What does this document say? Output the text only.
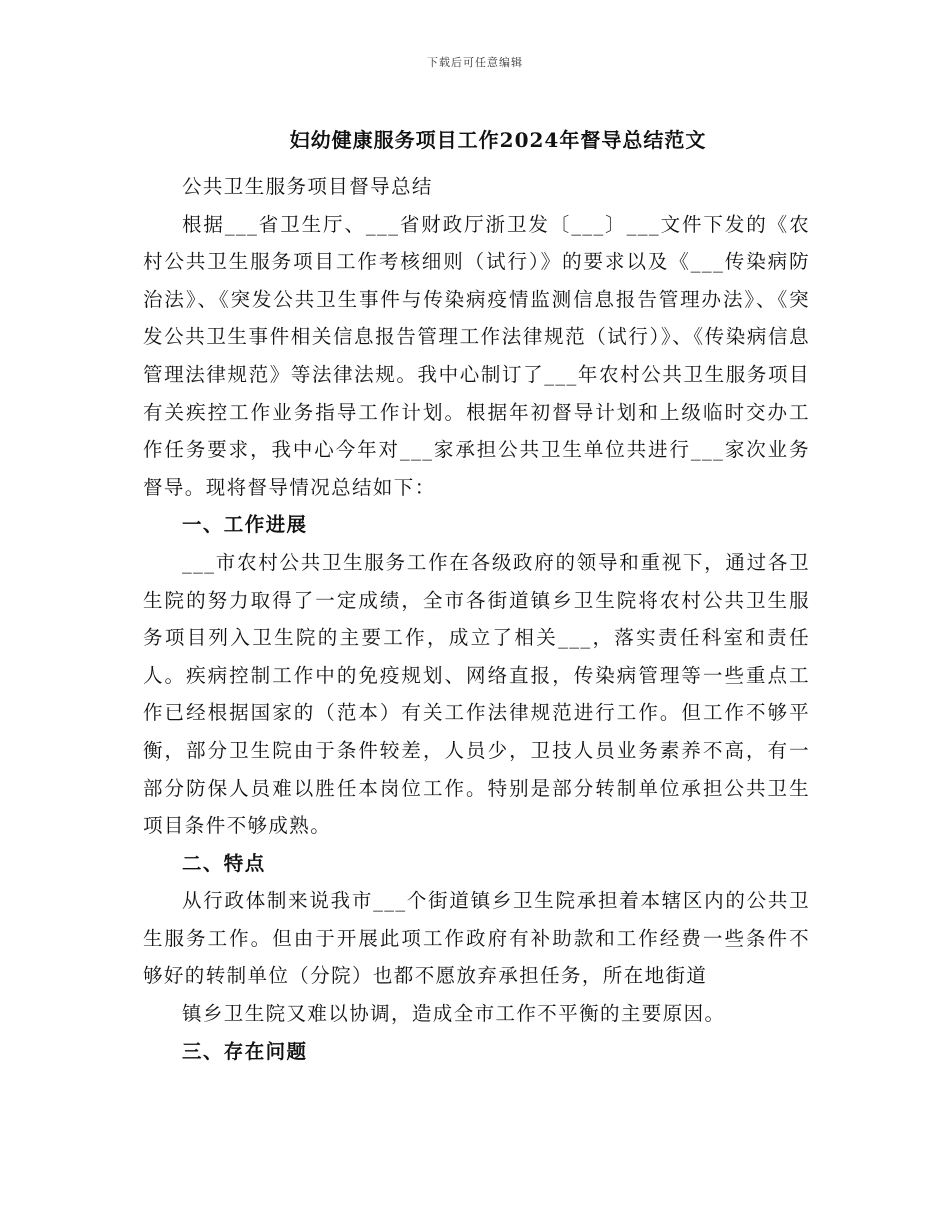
下载后可任意编辑
妇幼健康服务项目工作2024年督导总结范文

公共卫生服务项目督导总结

根据___省卫生厅、___省财政厅浙卫发〔___〕___文件下发的《农村公共卫生服务项目工作考核细则（试行）》的要求以及《___传染病防治法》、《突发公共卫生事件与传染病疫情监测信息报告管理办法》、《突发公共卫生事件相关信息报告管理工作法律规范（试行）》、《传染病信息管理法律规范》等法律法规。我中心制订了___年农村公共卫生服务项目有关疾控工作业务指导工作计划。根据年初督导计划和上级临时交办工作任务要求，我中心今年对___家承担公共卫生单位共进行___家次业务督导。现将督导情况总结如下：

一、工作进展

___市农村公共卫生服务工作在各级政府的领导和重视下，通过各卫生院的努力取得了一定成绩，全市各街道镇乡卫生院将农村公共卫生服务项目列入卫生院的主要工作，成立了相关___，落实责任科室和责任人。疾病控制工作中的免疫规划、网络直报，传染病管理等一些重点工作已经根据国家的（范本）有关工作法律规范进行工作。但工作不够平衡，部分卫生院由于条件较差，人员少，卫技人员业务素养不高，有一部分防保人员难以胜任本岗位工作。特别是部分转制单位承担公共卫生项目条件不够成熟。

二、特点

从行政体制来说我市___个街道镇乡卫生院承担着本辖区内的公共卫生服务工作。但由于开展此项工作政府有补助款和工作经费一些条件不够好的转制单位（分院）也都不愿放弃承担任务，所在地街道

镇乡卫生院又难以协调，造成全市工作不平衡的主要原因。

三、存在问题
